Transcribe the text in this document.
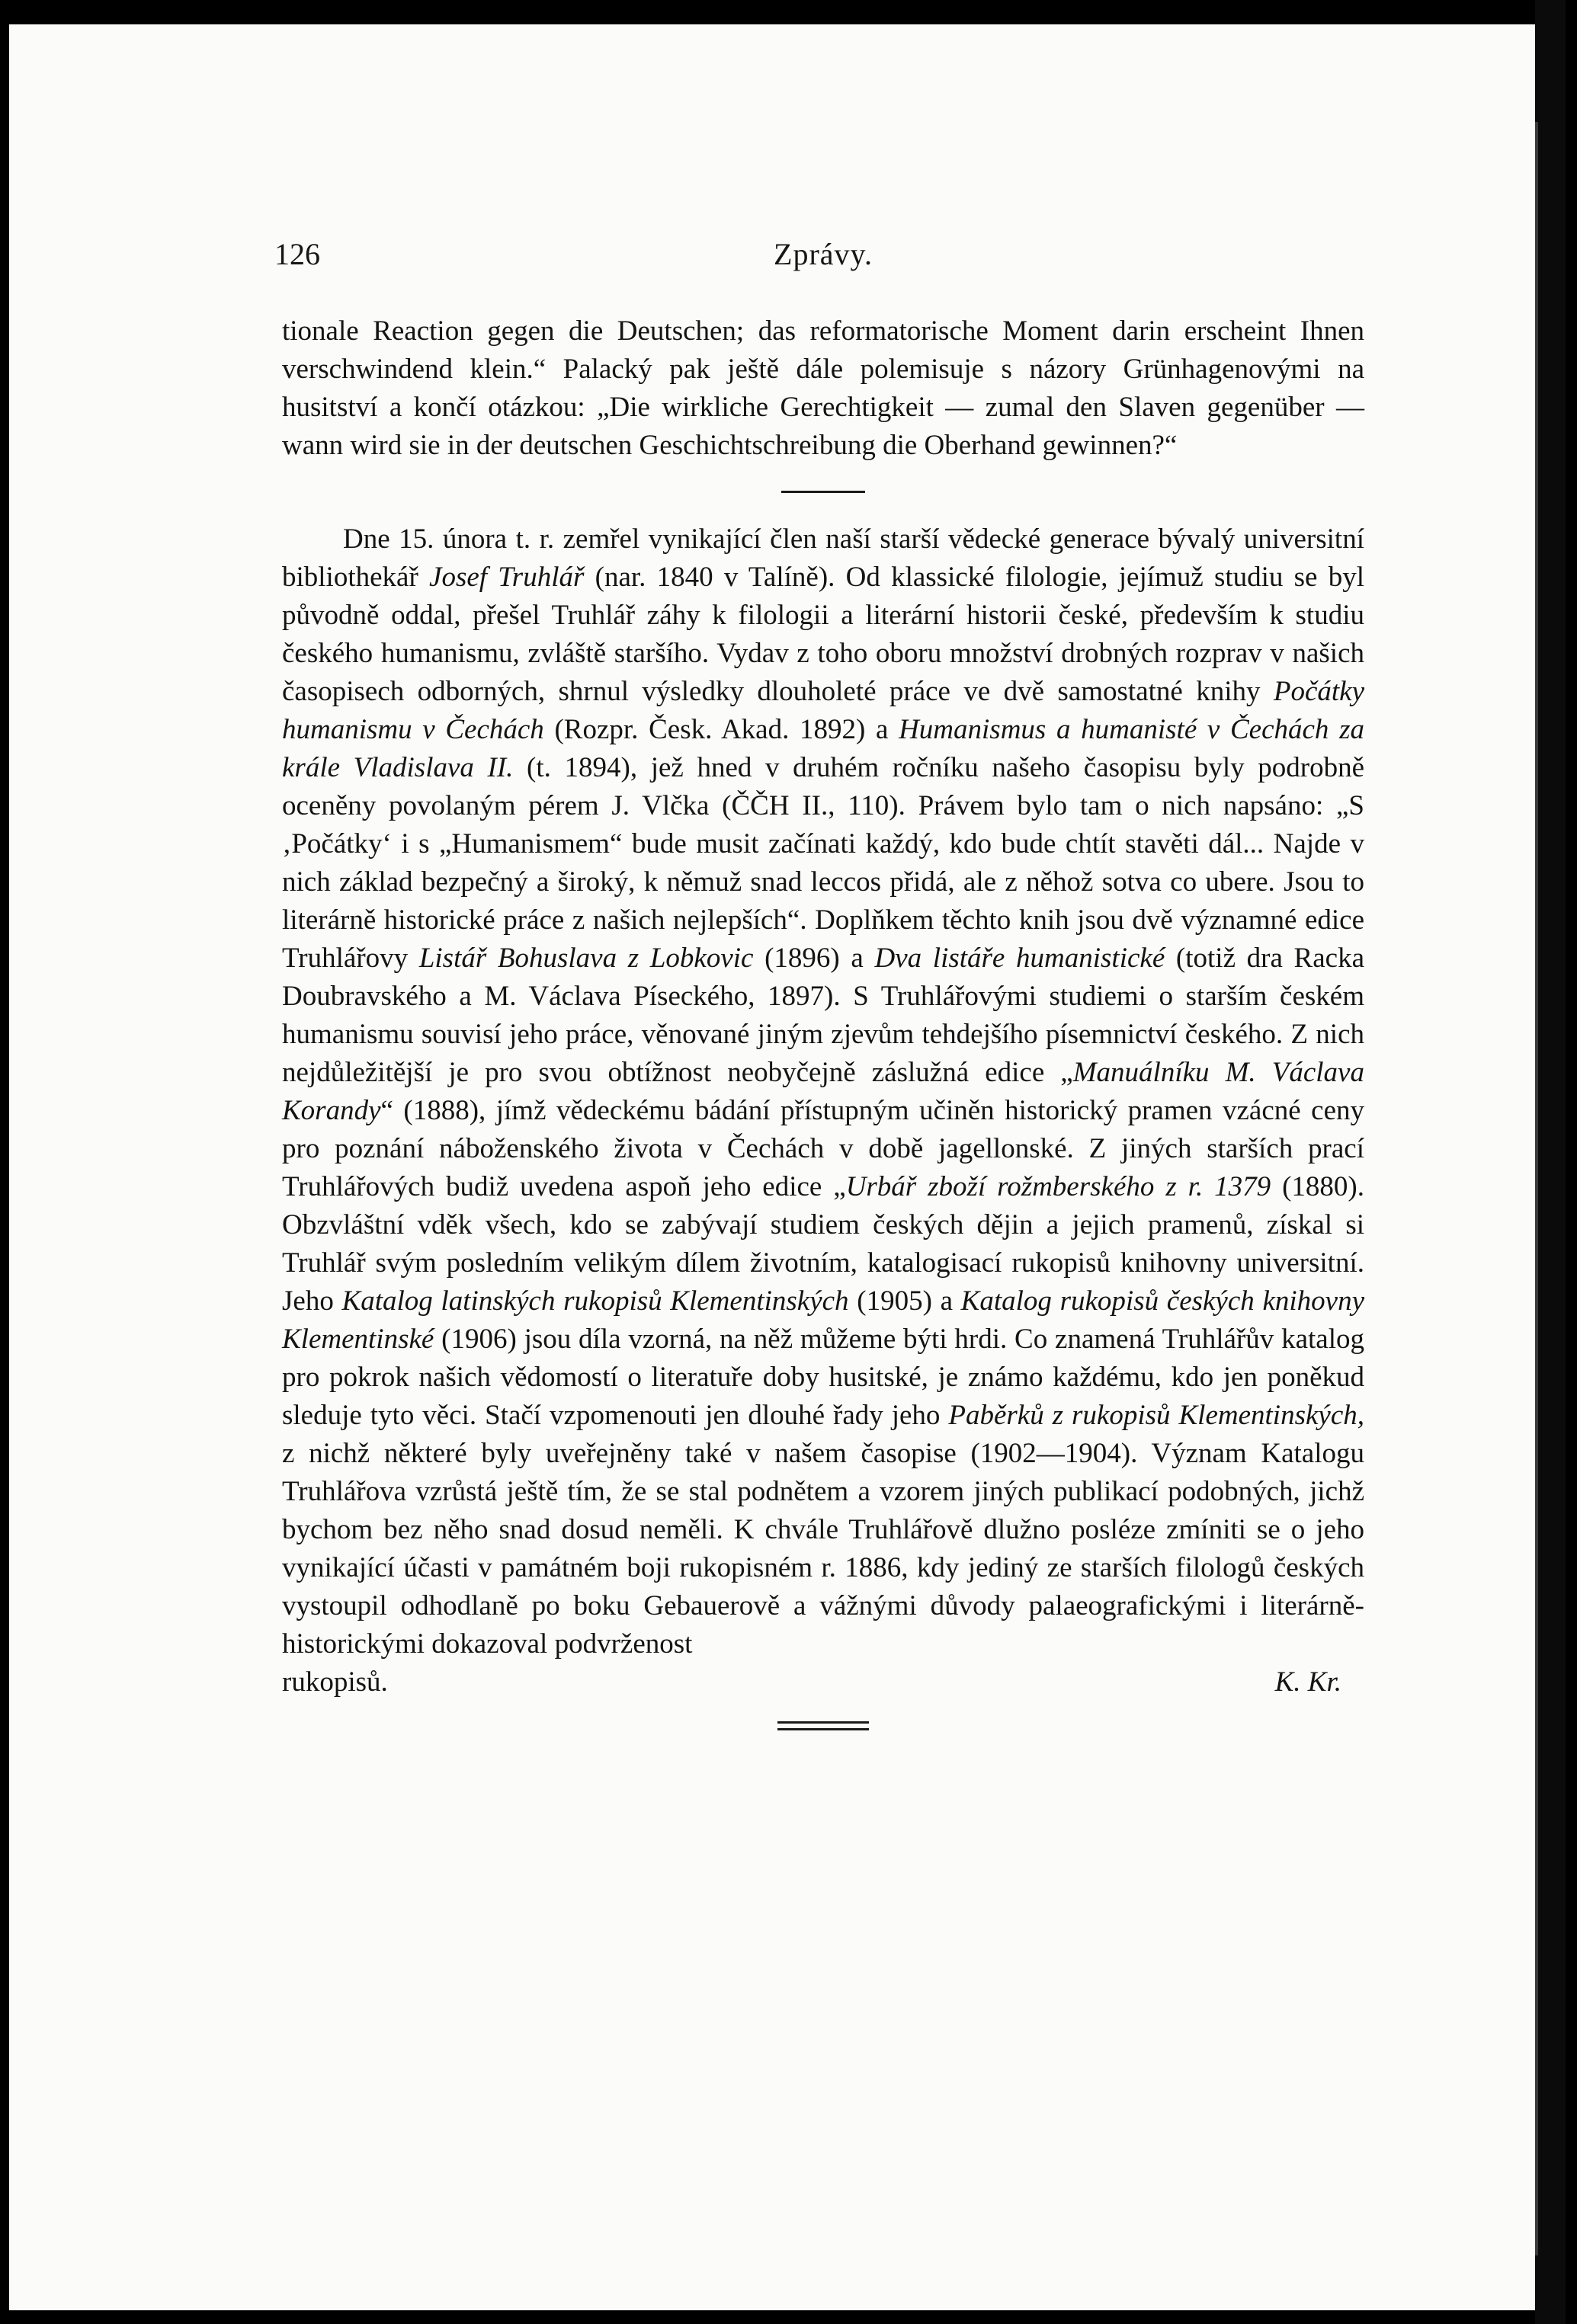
126	Zprávy.

tionale Reaction gegen die Deutschen; das reformatorische Moment darin erscheint Ihnen verschwindend klein.“ Palacký pak ještě dále polemisuje s názory Grünhagenovými na husitství a končí otázkou: „Die wirkliche Gerechtigkeit — zumal den Slaven gegenüber — wann wird sie in der deutschen Geschichtschreibung die Oberhand gewinnen?“

Dne 15. února t. r. zemřel vynikající člen naší starší vědecké generace bývalý universitní bibliothekář Josef Truhlář (nar. 1840 v Talíně). Od klassické filologie, jejímuž studiu se byl původně oddal, přešel Truhlář záhy k filologii a literární historii české, především k studiu českého humanismu, zvláště staršího. Vydav z toho oboru množství drobných rozprav v našich časopisech odborných, shrnul výsledky dlouholeté práce ve dvě samostatné knihy Počátky humanismu v Čechách (Rozpr. Česk. Akad. 1892) a Humanismus a humanisté v Čechách za krále Vladislava II. (t. 1894), jež hned v druhém ročníku našeho časopisu byly podrobně oceněny povolaným pérem J. Vlčka (ČČH II., 110). Právem bylo tam o nich napsáno: „S ‚Počátky‘ i s „Humanismem“ bude musit začínati každý, kdo bude chtít stavěti dál... Najde v nich základ bezpečný a široký, k němuž snad leccos přidá, ale z něhož sotva co ubere. Jsou to literárně historické práce z našich nejlepších“. Doplňkem těchto knih jsou dvě významné edice Truhlářovy Listář Bohuslava z Lobkovic (1896) a Dva listáře humanistické (totiž dra Racka Doubravského a M. Václava Píseckého, 1897). S Truhlářovými studiemi o starším českém humanismu souvisí jeho práce, věnované jiným zjevům tehdejšího písemnictví českého. Z nich nejdůležitější je pro svou obtížnost neobyčejně záslužná edice „Manuálníku M. Václava Korandy“ (1888), jímž vědeckému bádání přístupným učiněn historický pramen vzácné ceny pro poznání náboženského života v Čechách v době jagellonské. Z jiných starších prací Truhlářových budiž uvedena aspoň jeho edice „Urbář zboží rožmberského z r. 1379 (1880). Obzvláštní vděk všech, kdo se zabývají studiem českých dějin a jejich pramenů, získal si Truhlář svým posledním velikým dílem životním, katalogisací rukopisů knihovny universitní. Jeho Katalog latinských rukopisů Klementinských (1905) a Katalog rukopisů českých knihovny Klementinské (1906) jsou díla vzorná, na něž můžeme býti hrdi. Co znamená Truhlářův katalog pro pokrok našich vědomostí o literatuře doby husitské, je známo každému, kdo jen poněkud sleduje tyto věci. Stačí vzpomenouti jen dlouhé řady jeho Paběrků z rukopisů Klementinských, z nichž některé byly uveřejněny také v našem časopise (1902—1904). Význam Katalogu Truhlářova vzrůstá ještě tím, že se stal podnětem a vzorem jiných publikací podobných, jichž bychom bez něho snad dosud neměli. K chvále Truhlářově dlužno posléze zmíniti se o jeho vynikající účasti v památném boji rukopisném r. 1886, kdy jediný ze starších filologů českých vystoupil odhodlaně po boku Gebauerově a vážnými důvody palaeografickými i literárně-historickými dokazoval podvrženost

rukopisů.	K. Kr.
